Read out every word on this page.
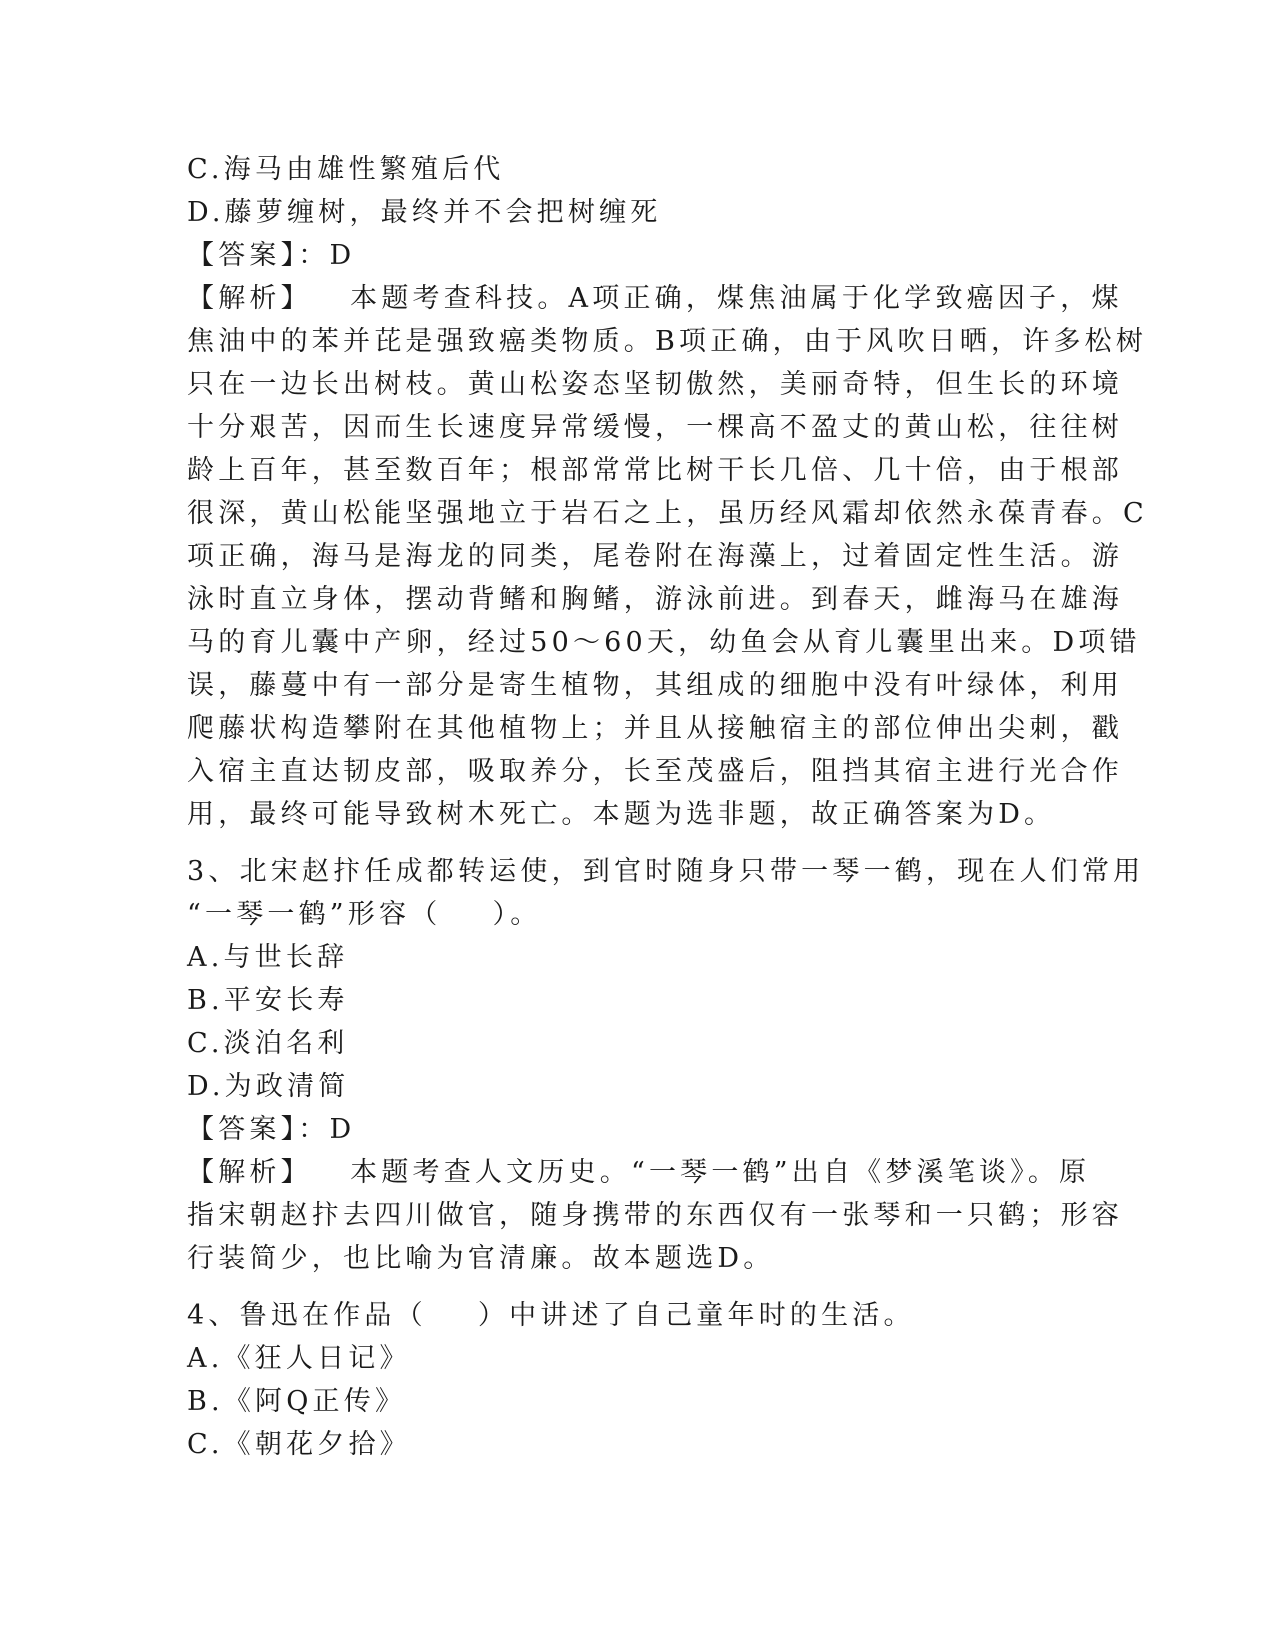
C.海马由雄性繁殖后代
D.藤萝缠树，最终并不会把树缠死
【答案】：D
【解析】   本题考查科技。A项正确，煤焦油属于化学致癌因子，煤
焦油中的苯并芘是强致癌类物质。B项正确，由于风吹日晒，许多松树
只在一边长出树枝。黄山松姿态坚韧傲然，美丽奇特，但生长的环境
十分艰苦，因而生长速度异常缓慢，一棵高不盈丈的黄山松，往往树
龄上百年，甚至数百年；根部常常比树干长几倍、几十倍，由于根部
很深，黄山松能坚强地立于岩石之上，虽历经风霜却依然永葆青春。C
项正确，海马是海龙的同类，尾卷附在海藻上，过着固定性生活。游
泳时直立身体，摆动背鳍和胸鳍，游泳前进。到春天，雌海马在雄海
马的育儿囊中产卵，经过50～60天，幼鱼会从育儿囊里出来。D项错
误，藤蔓中有一部分是寄生植物，其组成的细胞中没有叶绿体，利用
爬藤状构造攀附在其他植物上；并且从接触宿主的部位伸出尖刺，戳
入宿主直达韧皮部，吸取养分，长至茂盛后，阻挡其宿主进行光合作
用，最终可能导致树木死亡。本题为选非题，故正确答案为D。
3、北宋赵抃任成都转运使，到官时随身只带一琴一鹤，现在人们常用
“一琴一鹤”形容（    ）。
A.与世长辞
B.平安长寿
C.淡泊名利
D.为政清简
【答案】：D
【解析】   本题考查人文历史。“一琴一鹤”出自《梦溪笔谈》。原
指宋朝赵抃去四川做官，随身携带的东西仅有一张琴和一只鹤；形容
行装简少，也比喻为官清廉。故本题选D。
4、鲁迅在作品（    ）中讲述了自己童年时的生活。
A.《狂人日记》
B.《阿Q正传》
C.《朝花夕拾》
